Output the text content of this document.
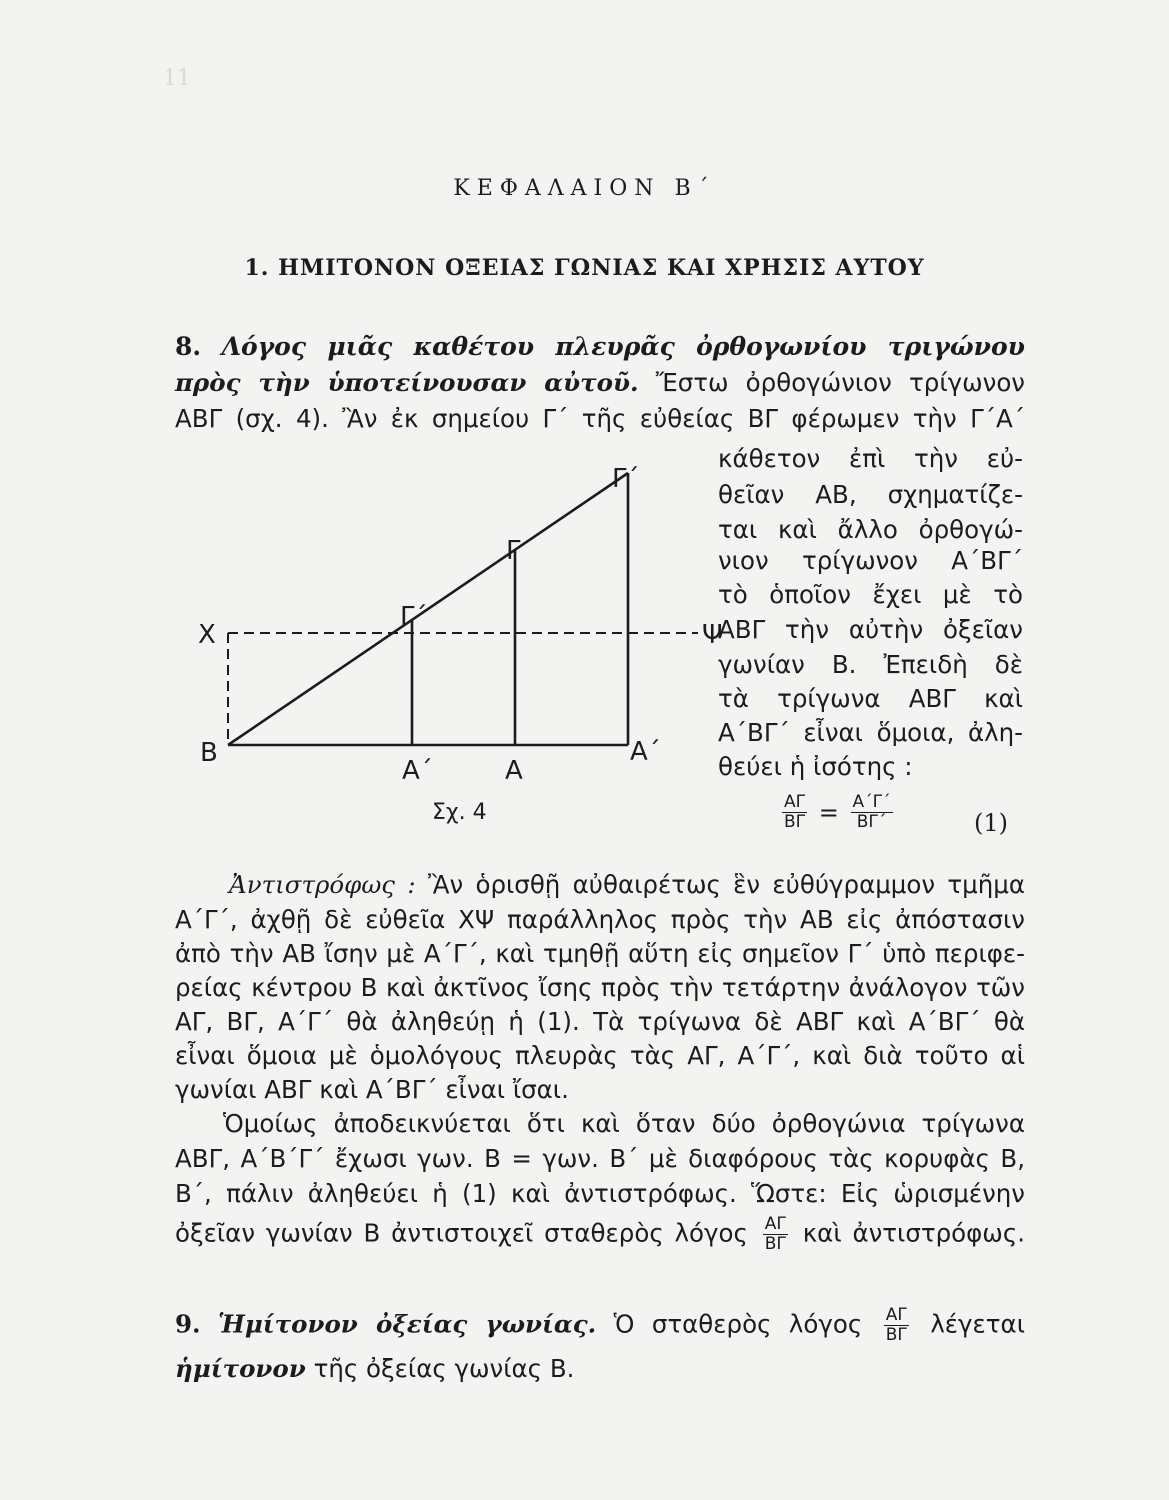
11
ΚΕΦΑΛΑΙΟΝ Β΄
1. ΗΜΙΤΟΝΟΝ ΟΞΕΙΑΣ ΓΩΝΙΑΣ ΚΑΙ ΧΡΗΣΙΣ ΑΥΤΟΥ
8. Λόγος μιᾶς καθέτου πλευρᾶς ὀρθογωνίου τριγώνου
πρὸς τὴν ὑποτείνουσαν αὐτοῦ. Ἔστω ὀρθογώνιον τρίγωνον
ΑΒΓ (σχ. 4). Ἂν ἐκ σημείου Γ΄ τῆς εὐθείας ΒΓ φέρωμεν τὴν Γ΄Α΄
κάθετον ἐπὶ τὴν εὐ-
θεῖαν ΑΒ, σχηματίζε-
ται καὶ ἄλλο ὀρθογώ-
νιον τρίγωνον Α΄ΒΓ΄
τὸ ὁποῖον ἔχει μὲ τὸ
ΑΒΓ τὴν αὐτὴν ὀξεῖαν
γωνίαν Β. Ἐπειδὴ δὲ
τὰ τρίγωνα ΑΒΓ καὶ
Α΄ΒΓ΄ εἶναι ὅμοια, ἀλη-
θεύει ἡ ἰσότης :
$\frac{A\Gamma}{B\Gamma} = \frac{A΄\Gamma΄}{B\Gamma΄}$	(1)
Χ	Ψ
Β
Α΄	Α
Α΄
Γ
Γ΄
Γ΄
Σχ. 4
Ἀντιστρόφως : Ἂν ὁρισθῇ αὐθαιρέτως ἓν εὐθύγραμμον τμῆμα
Α΄Γ΄, ἀχθῇ δὲ εὐθεῖα ΧΨ παράλληλος πρὸς τὴν ΑΒ εἰς ἀπόστασιν
ἀπὸ τὴν ΑΒ ἴσην μὲ Α΄Γ΄, καὶ τμηθῇ αὕτη εἰς σημεῖον Γ΄ ὑπὸ περιφε-
ρείας κέντρου Β καὶ ἀκτῖνος ἴσης πρὸς τὴν τετάρτην ἀνάλογον τῶν
ΑΓ, ΒΓ, Α΄Γ΄ θὰ ἀληθεύῃ ἡ (1). Τὰ τρίγωνα δὲ ΑΒΓ καὶ Α΄ΒΓ΄ θὰ
εἶναι ὅμοια μὲ ὁμολόγους πλευρὰς τὰς ΑΓ, Α΄Γ΄, καὶ διὰ τοῦτο αἱ
γωνίαι ΑΒΓ καὶ Α΄ΒΓ΄ εἶναι ἴσαι.
Ὁμοίως ἀποδεικνύεται ὅτι καὶ ὅταν δύο ὀρθογώνια τρίγωνα
ΑΒΓ, Α΄Β΄Γ΄ ἔχωσι γων. Β = γων. Β΄ μὲ διαφόρους τὰς κορυφὰς Β,
Β΄, πάλιν ἀληθεύει ἡ (1) καὶ ἀντιστρόφως. Ὥστε: Εἰς ὡρισμένην
ὀξεῖαν γωνίαν Β ἀντιστοιχεῖ σταθερὸς λόγος $\frac{A\Gamma}{B\Gamma}$ καὶ ἀντιστρόφως.
9. Ἡμίτονον ὀξείας γωνίας. Ὁ σταθερὸς λόγος $\frac{A\Gamma}{B\Gamma}$ λέγεται
ἡμίτονον τῆς ὀξείας γωνίας Β.
